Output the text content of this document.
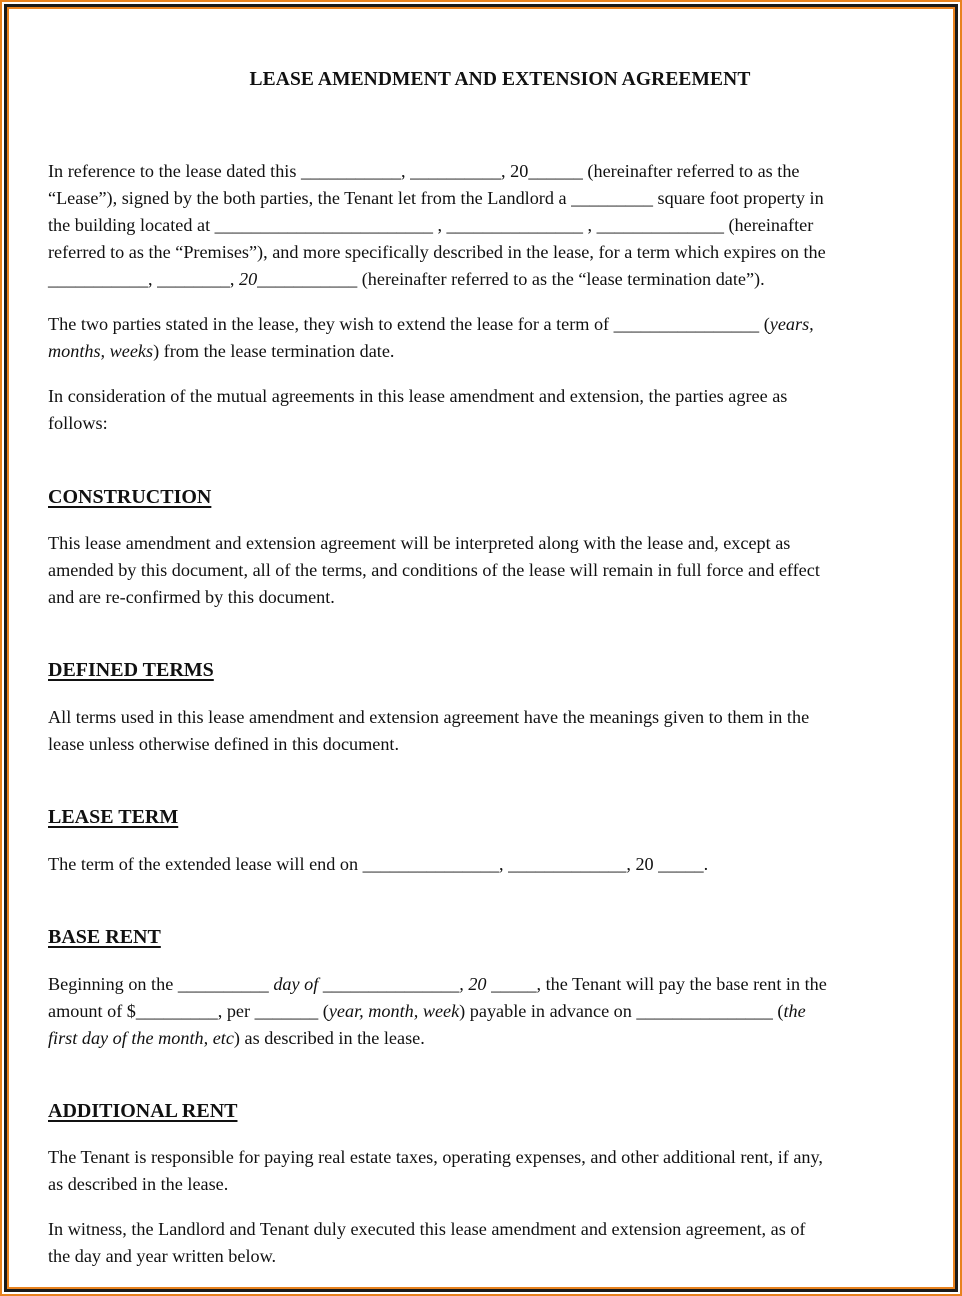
LEASE AMENDMENT AND EXTENSION AGREEMENT
In reference to the lease dated this ___________, __________, 20______ (hereinafter referred to as the
“Lease”), signed by the both parties, the Tenant let from the Landlord a _________ square foot property in
the building located at ________________________ , _______________ , ______________ (hereinafter
referred to as the “Premises”), and more specifically described in the lease, for a term which expires on the
___________, ________, 20___________ (hereinafter referred to as the “lease termination date”).
The two parties stated in the lease, they wish to extend the lease for a term of ________________ (years,
months, weeks) from the lease termination date.
In consideration of the mutual agreements in this lease amendment and extension, the parties agree as
follows:
CONSTRUCTION
This lease amendment and extension agreement will be interpreted along with the lease and, except as
amended by this document, all of the terms, and conditions of the lease will remain in full force and effect
and are re-confirmed by this document.
DEFINED TERMS
All terms used in this lease amendment and extension agreement have the meanings given to them in the
lease unless otherwise defined in this document.
LEASE TERM
The term of the extended lease will end on _______________, _____________, 20 _____.
BASE RENT
Beginning on the __________ day of _______________, 20 _____, the Tenant will pay the base rent in the
amount of $_________, per _______ (year, month, week) payable in advance on _______________ (the
first day of the month, etc) as described in the lease.
ADDITIONAL RENT
The Tenant is responsible for paying real estate taxes, operating expenses, and other additional rent, if any,
as described in the lease.
In witness, the Landlord and Tenant duly executed this lease amendment and extension agreement, as of
the day and year written below.
